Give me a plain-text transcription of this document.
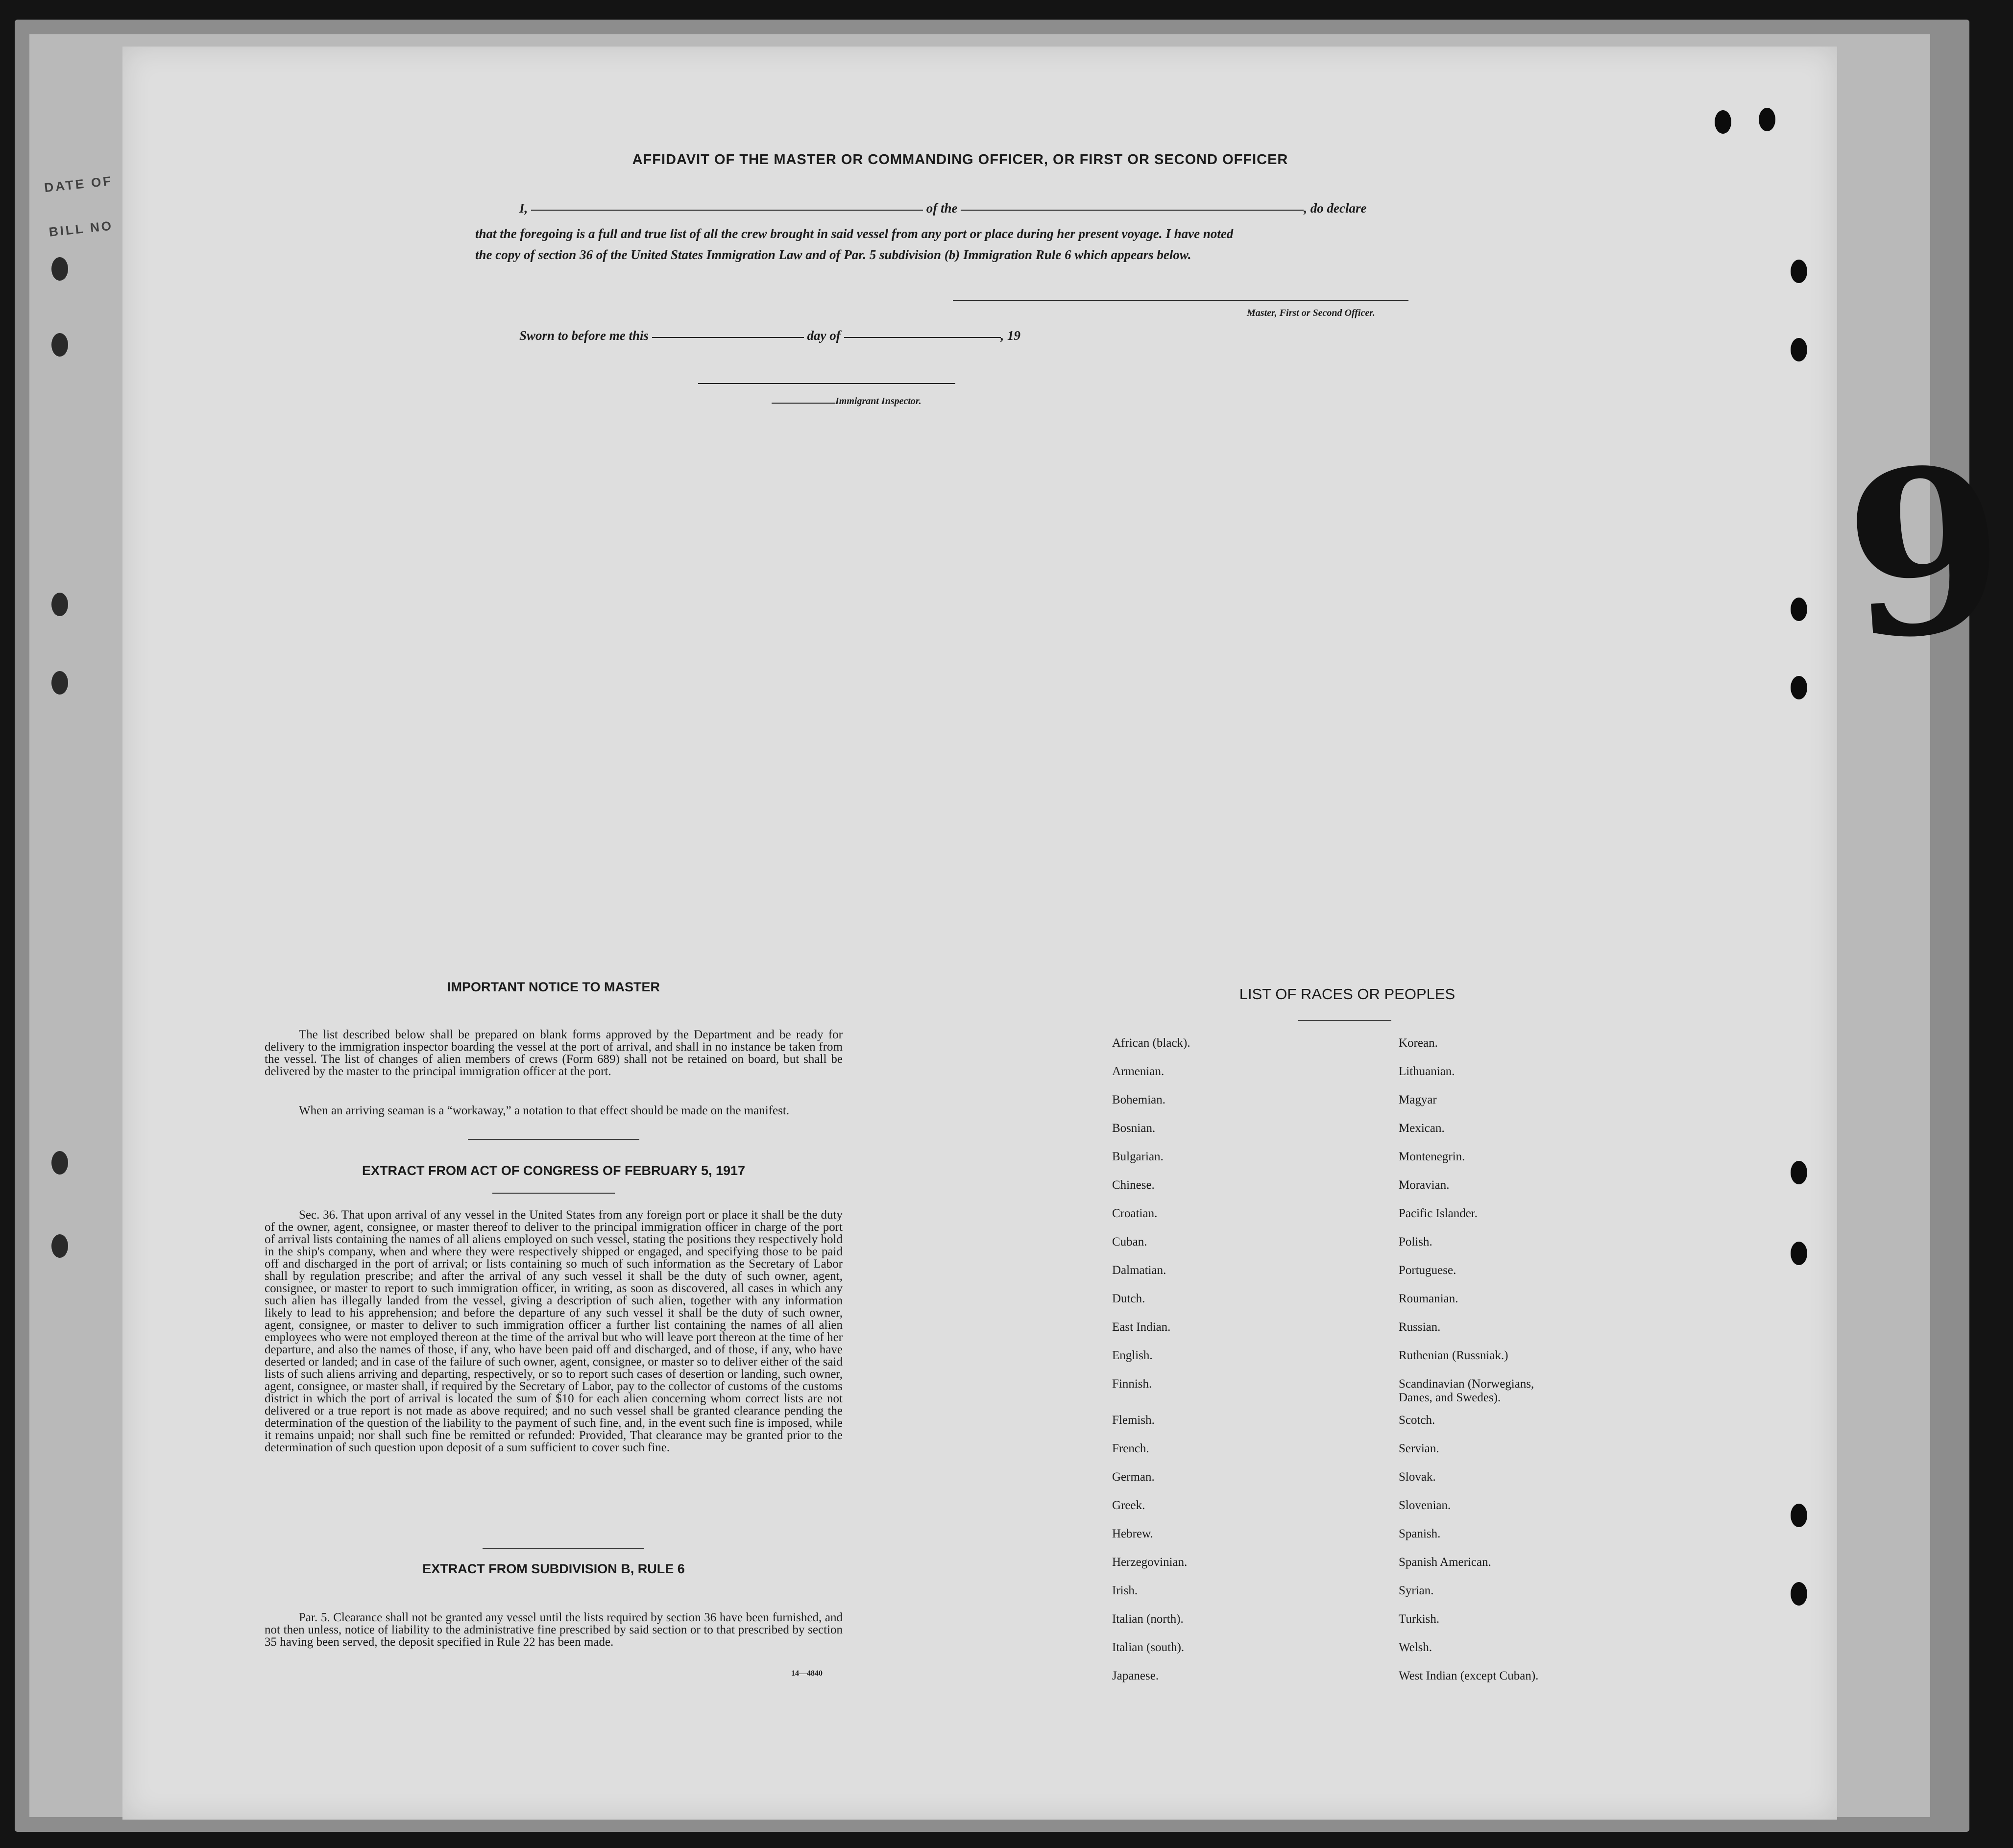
DATE OF
BILL NO
9
AFFIDAVIT OF THE MASTER OR COMMANDING OFFICER, OR FIRST OR SECOND OFFICER
I,	of the	, do declare
that the foregoing is a full and true list of all the crew brought in said vessel from any port or place during her present voyage. I have noted
the copy of section 36 of the United States Immigration Law and of Par. 5 subdivision (b) Immigration Rule 6 which appears below.
Master, First or Second Officer.
Sworn to before me this	day of	, 19
Immigrant Inspector.
IMPORTANT NOTICE TO MASTER

The list described below shall be prepared on blank forms approved by the Department and be ready for delivery to the immigration inspector boarding the vessel at the port of arrival, and shall in no instance be taken from the vessel. The list of changes of alien members of crews (Form 689) shall not be retained on board, but shall be delivered by the master to the principal immigration officer at the port.

When an arriving seaman is a “workaway,” a notation to that effect should be made on the manifest.

EXTRACT FROM ACT OF CONGRESS OF FEBRUARY 5, 1917

Sec. 36. That upon arrival of any vessel in the United States from any foreign port or place it shall be the duty of the owner, agent, consignee, or master thereof to deliver to the principal immigration officer in charge of the port of arrival lists containing the names of all aliens employed on such vessel, stating the positions they respectively hold in the ship's company, when and where they were respectively shipped or engaged, and specifying those to be paid off and discharged in the port of arrival; or lists containing so much of such information as the Secretary of Labor shall by regulation prescribe; and after the arrival of any such vessel it shall be the duty of such owner, agent, consignee, or master to report to such immigration officer, in writing, as soon as discovered, all cases in which any such alien has illegally landed from the vessel, giving a description of such alien, together with any information likely to lead to his apprehension; and before the departure of any such vessel it shall be the duty of such owner, agent, consignee, or master to deliver to such immigration officer a further list containing the names of all alien employees who were not employed thereon at the time of the arrival but who will leave port thereon at the time of her departure, and also the names of those, if any, who have been paid off and discharged, and of those, if any, who have deserted or landed; and in case of the failure of such owner, agent, consignee, or master so to deliver either of the said lists of such aliens arriving and departing, respectively, or so to report such cases of desertion or landing, such owner, agent, consignee, or master shall, if required by the Secretary of Labor, pay to the collector of customs of the customs district in which the port of arrival is located the sum of $10 for each alien concerning whom correct lists are not delivered or a true report is not made as above required; and no such vessel shall be granted clearance pending the determination of the question of the liability to the payment of such fine, and, in the event such fine is imposed, while it remains unpaid; nor shall such fine be remitted or refunded: Provided, That clearance may be granted prior to the determination of such question upon deposit of a sum sufficient to cover such fine.

EXTRACT FROM SUBDIVISION B, RULE 6

Par. 5. Clearance shall not be granted any vessel until the lists required by section 36 have been furnished, and not then unless, notice of liability to the administrative fine prescribed by said section or to that prescribed by section 35 having been served, the deposit specified in Rule 22 has been made.

14—4840
LIST OF RACES OR PEOPLES
African (black).
Armenian.
Bohemian.
Bosnian.
Bulgarian.
Chinese.
Croatian.
Cuban.
Dalmatian.
Dutch.
East Indian.
English.
Finnish.
Flemish.
French.
German.
Greek.
Hebrew.
Herzegovinian.
Irish.
Italian (north).
Italian (south).
Japanese.
Korean.
Lithuanian.
Magyar
Mexican.
Montenegrin.
Moravian.
Pacific Islander.
Polish.
Portuguese.
Roumanian.
Russian.
Ruthenian (Russniak.)
Scandinavian (Norwegians,
Danes, and Swedes).
Scotch.
Servian.
Slovak.
Slovenian.
Spanish.
Spanish American.
Syrian.
Turkish.
Welsh.
West Indian (except Cuban).
